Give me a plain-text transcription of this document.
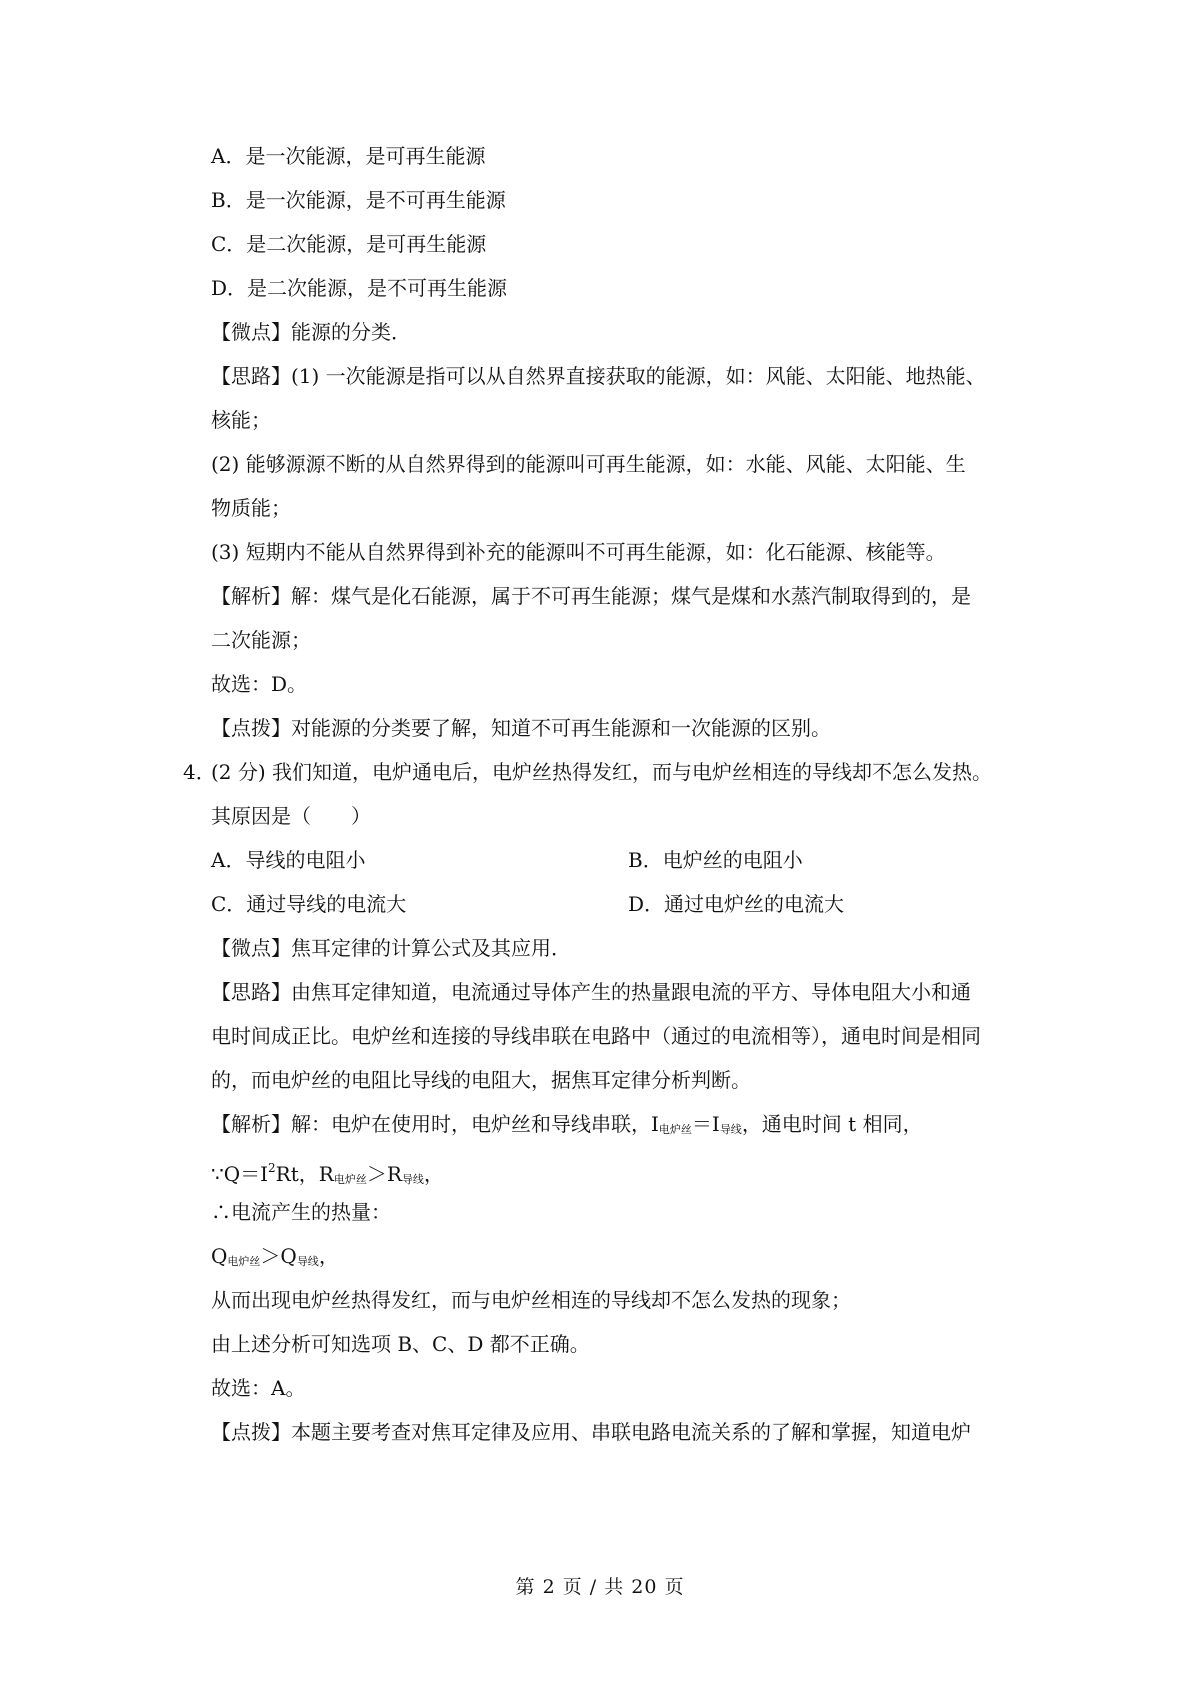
A．是一次能源，是可再生能源
B．是一次能源，是不可再生能源
C．是二次能源，是可再生能源
D．是二次能源，是不可再生能源
【微点】能源的分类．
【思路】(1) 一次能源是指可以从自然界直接获取的能源，如：风能、太阳能、地热能、
核能；
(2) 能够源源不断的从自然界得到的能源叫可再生能源，如：水能、风能、太阳能、生
物质能；
(3) 短期内不能从自然界得到补充的能源叫不可再生能源，如：化石能源、核能等。
【解析】解：煤气是化石能源，属于不可再生能源；煤气是煤和水蒸汽制取得到的，是
二次能源；
故选：D。
【点拨】对能源的分类要了解，知道不可再生能源和一次能源的区别。
4．
(2 分) 我们知道，电炉通电后，电炉丝热得发红，而与电炉丝相连的导线却不怎么发热。
其原因是（　　）
A．导线的电阻小	B．电炉丝的电阻小
C．通过导线的电流大	D．通过电炉丝的电流大
【微点】焦耳定律的计算公式及其应用．
【思路】由焦耳定律知道，电流通过导体产生的热量跟电流的平方、导体电阻大小和通
电时间成正比。电炉丝和连接的导线串联在电路中（通过的电流相等），通电时间是相同
的，而电炉丝的电阻比导线的电阻大，据焦耳定律分析判断。
【解析】解：电炉在使用时，电炉丝和导线串联，I电炉丝＝I导线，通电时间 t 相同，
$\because Q=I^2Rt$，R电炉丝＞R导线，
∴电流产生的热量：
Q电炉丝＞Q导线，
从而出现电炉丝热得发红，而与电炉丝相连的导线却不怎么发热的现象；
由上述分析可知选项 B、C、D 都不正确。
故选：A。
【点拨】本题主要考查对焦耳定律及应用、串联电路电流关系的了解和掌握，知道电炉
第 2 页 / 共 20 页
